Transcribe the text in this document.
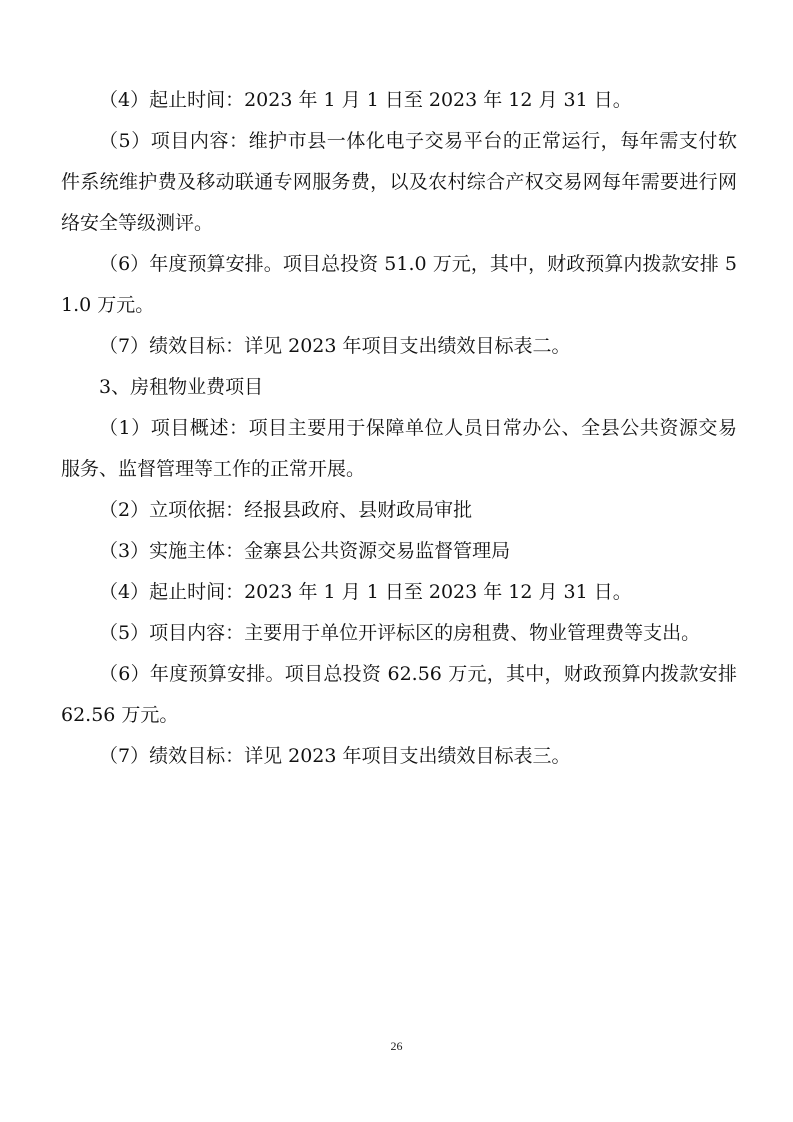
（4）起止时间：2023 年 1 月 1 日至 2023 年 12 月 31 日。

（5）项目内容：维护市县一体化电子交易平台的正常运行，每年需支付软件系统维护费及移动联通专网服务费，以及农村综合产权交易网每年需要进行网络安全等级测评。

（6）年度预算安排。项目总投资 51.0 万元，其中，财政预算内拨款安排 51.0 万元。

（7）绩效目标：详见 2023 年项目支出绩效目标表二。

3、房租物业费项目

（1）项目概述：项目主要用于保障单位人员日常办公、全县公共资源交易服务、监督管理等工作的正常开展。

（2）立项依据：经报县政府、县财政局审批

（3）实施主体：金寨县公共资源交易监督管理局

（4）起止时间：2023 年 1 月 1 日至 2023 年 12 月 31 日。

（5）项目内容：主要用于单位开评标区的房租费、物业管理费等支出。

（6）年度预算安排。项目总投资 62.56 万元，其中，财政预算内拨款安排 62.56 万元。

（7）绩效目标：详见 2023 年项目支出绩效目标表三。

26
